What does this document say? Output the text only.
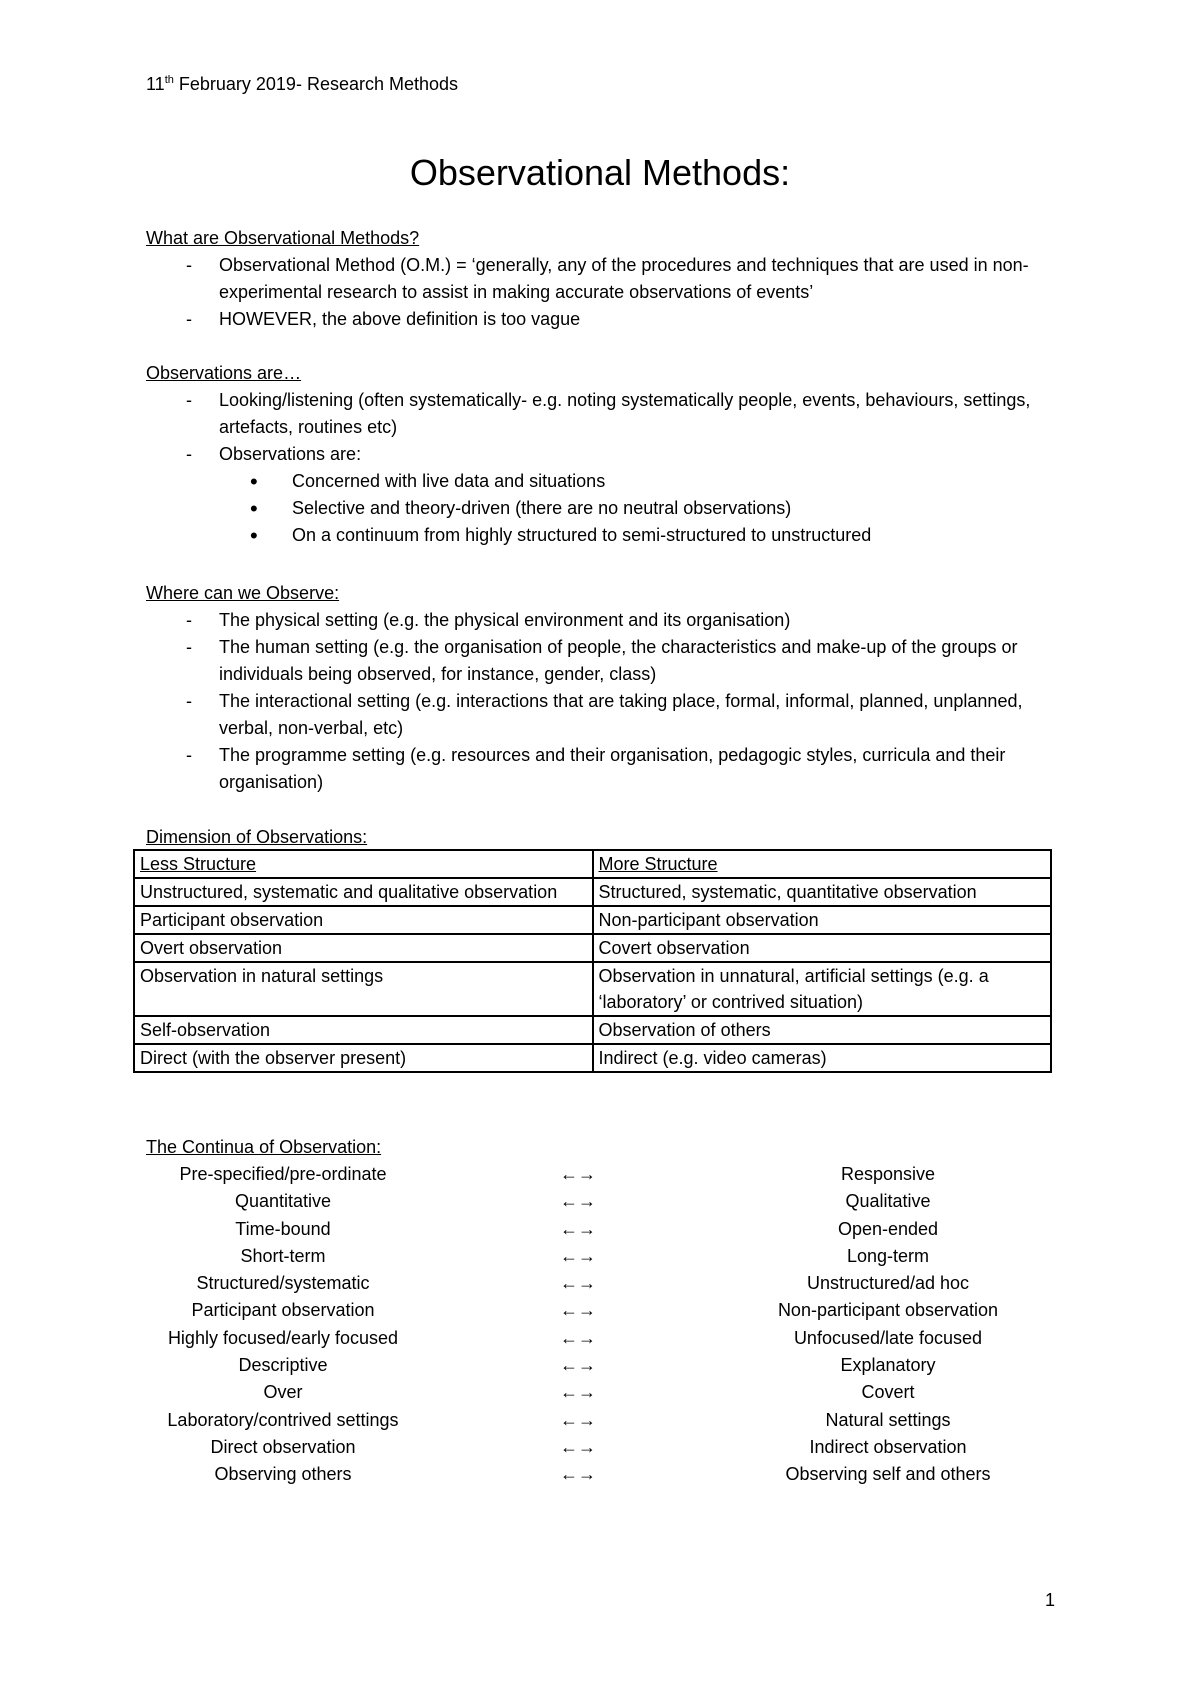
11th February 2019- Research Methods
Observational Methods:
What are Observational Methods?
- Observational Method (O.M.) = ‘generally, any of the procedures and techniques that are used in non-experimental research to assist in making accurate observations of events’
- HOWEVER, the above definition is too vague
Observations are…
- Looking/listening (often systematically- e.g. noting systematically people, events, behaviours, settings, artefacts, routines etc)
- Observations are:
• Concerned with live data and situations
• Selective and theory-driven (there are no neutral observations)
• On a continuum from highly structured to semi-structured to unstructured
Where can we Observe:
- The physical setting (e.g. the physical environment and its organisation)
- The human setting (e.g. the organisation of people, the characteristics and make-up of the groups or individuals being observed, for instance, gender, class)
- The interactional setting (e.g. interactions that are taking place, formal, informal, planned, unplanned, verbal, non-verbal, etc)
- The programme setting (e.g. resources and their organisation, pedagogic styles, curricula and their organisation)
Dimension of Observations:
Less Structure	More Structure
Unstructured, systematic and qualitative observation	Structured, systematic, quantitative observation
Participant observation	Non-participant observation
Overt observation	Covert observation
Observation in natural settings	Observation in unnatural, artificial settings (e.g. a ‘laboratory’ or contrived situation)
Self-observation	Observation of others
Direct (with the observer present)	Indirect (e.g. video cameras)
The Continua of Observation:
Pre-specified/pre-ordinate	←→	Responsive
Quantitative	←→	Qualitative
Time-bound	←→	Open-ended
Short-term	←→	Long-term
Structured/systematic	←→	Unstructured/ad hoc
Participant observation	←→	Non-participant observation
Highly focused/early focused	←→	Unfocused/late focused
Descriptive	←→	Explanatory
Over	←→	Covert
Laboratory/contrived settings	←→	Natural settings
Direct observation	←→	Indirect observation
Observing others	←→	Observing self and others
1
